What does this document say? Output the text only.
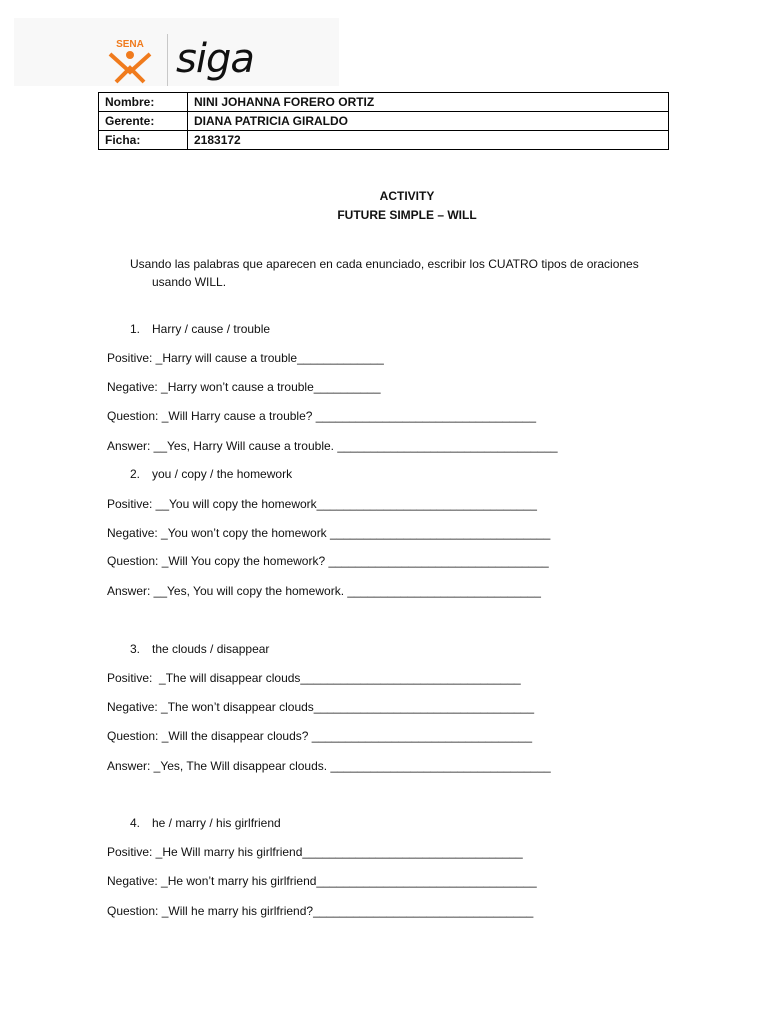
SENA siga
Nombre:	NINI JOHANNA FORERO ORTIZ
Gerente:	DIANA PATRICIA GIRALDO
Ficha:	2183172
ACTIVITY
FUTURE SIMPLE – WILL
Usando las palabras que aparecen en cada enunciado, escribir los CUATRO tipos de oraciones
usando WILL.
1. Harry / cause / trouble
Positive: _Harry will cause a trouble_____________
Negative: _Harry won’t cause a trouble__________
Question: _Will Harry cause a trouble? _________________________________
Answer: __Yes, Harry Will cause a trouble. _________________________________
2. you / copy / the homework
Positive: __You will copy the homework_________________________________
Negative: _You won’t copy the homework _________________________________
Question: _Will You copy the homework? _________________________________
Answer: __Yes, You will copy the homework. _____________________________
3. the clouds / disappear
Positive:  _The will disappear clouds_________________________________
Negative: _The won’t disappear clouds_________________________________
Question: _Will the disappear clouds? _________________________________
Answer: _Yes, The Will disappear clouds. _________________________________
4. he / marry / his girlfriend
Positive: _He Will marry his girlfriend_________________________________
Negative: _He won’t marry his girlfriend_________________________________
Question: _Will he marry his girlfriend?_________________________________
